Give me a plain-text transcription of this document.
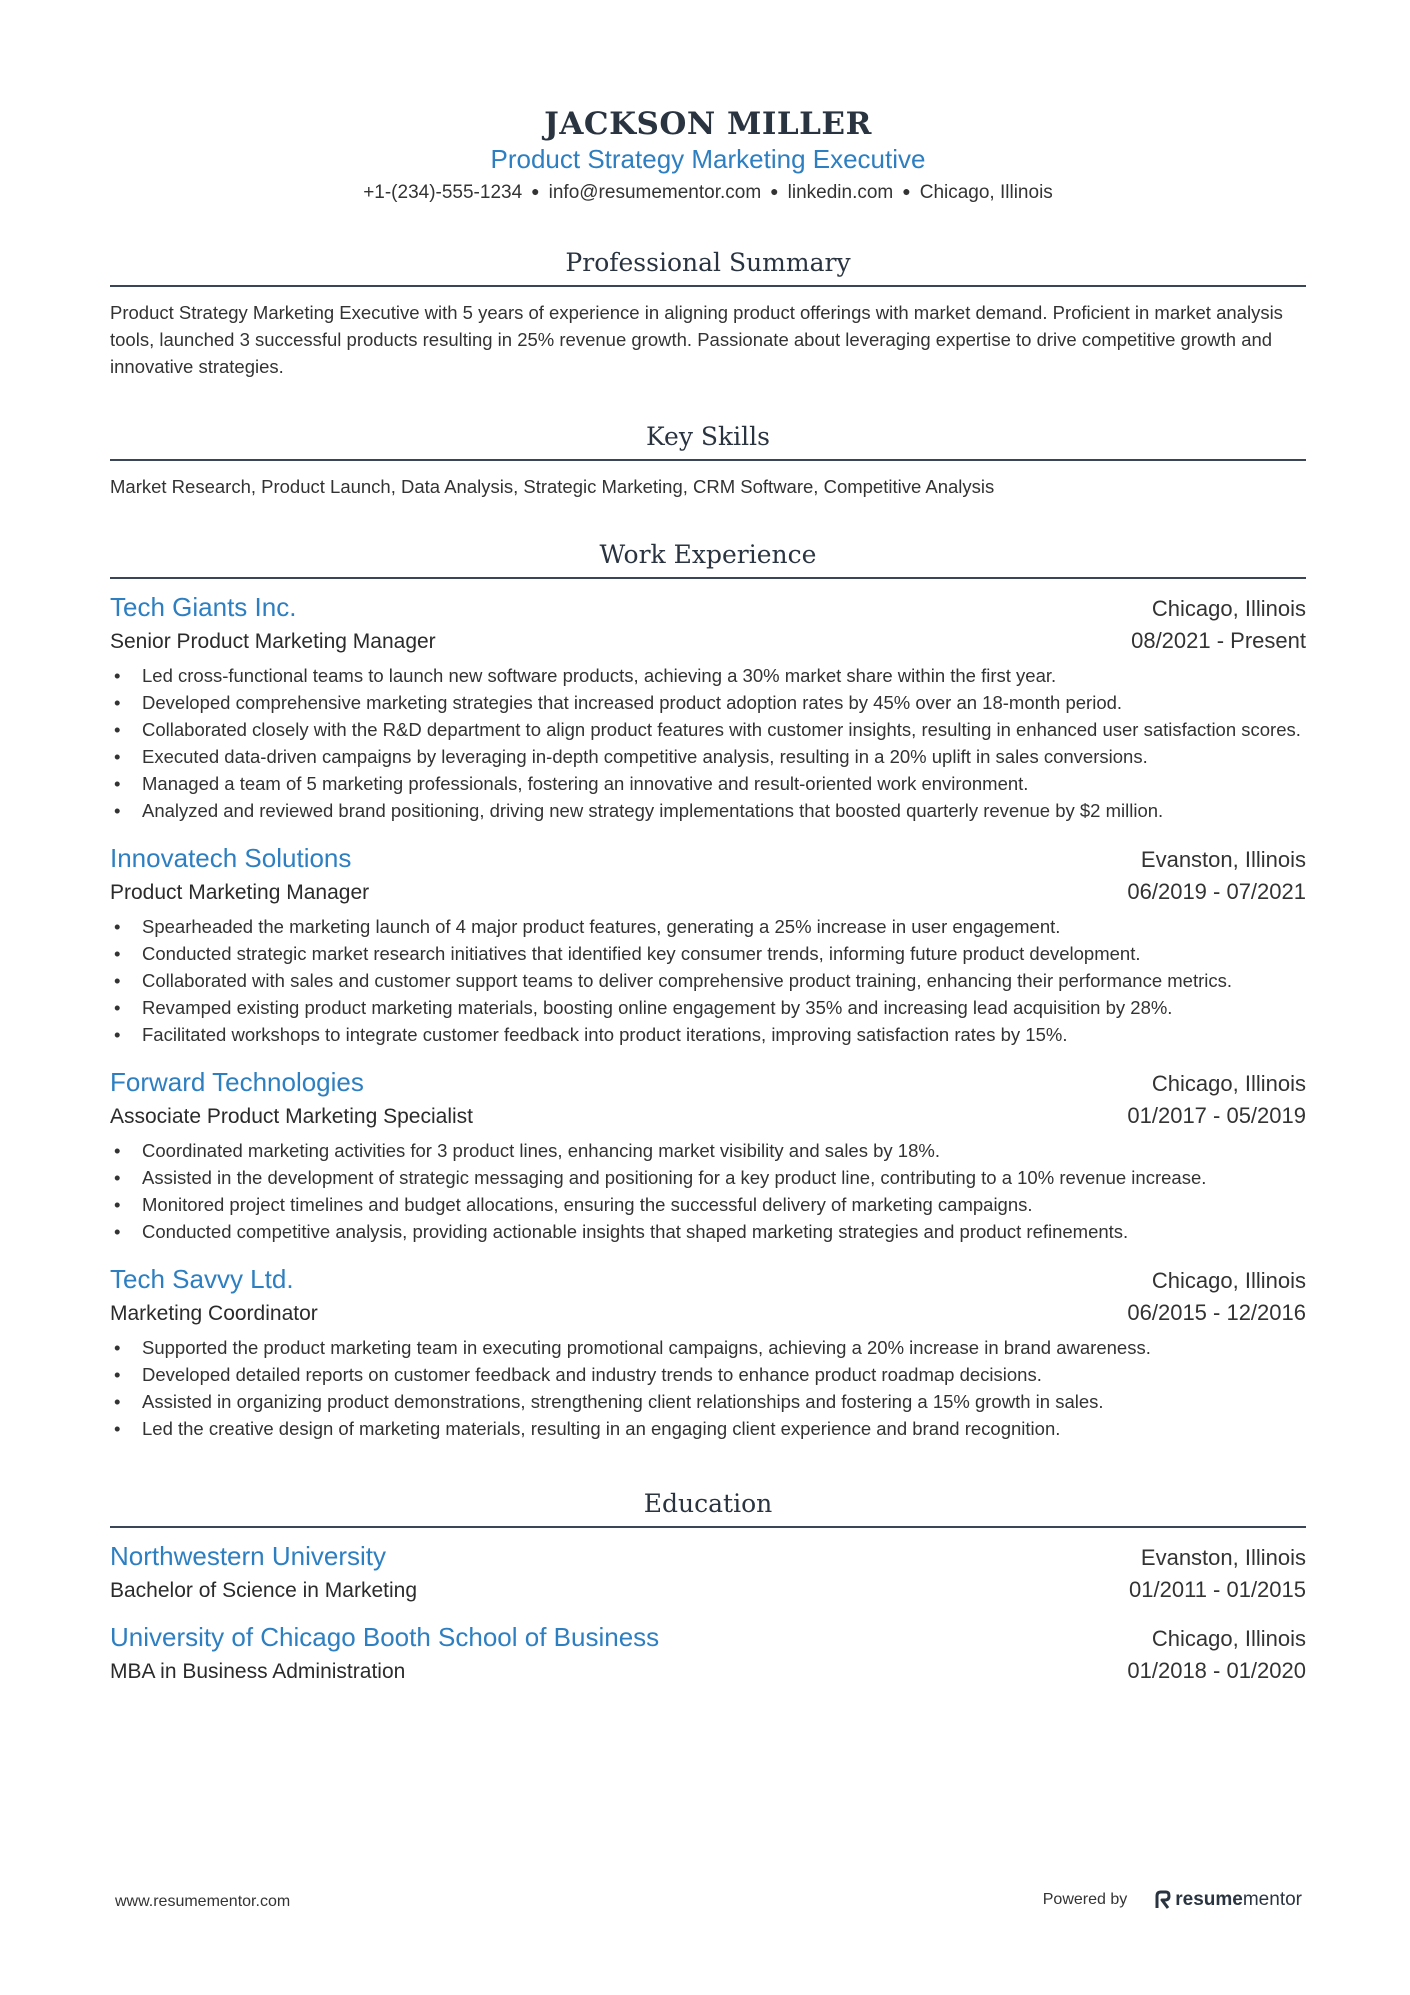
JACKSON MILLER
Product Strategy Marketing Executive
+1-(234)-555-1234 ● info@resumementor.com ● linkedin.com ● Chicago, Illinois
Professional Summary
Product Strategy Marketing Executive with 5 years of experience in aligning product offerings with market demand. Proficient in market analysis tools, launched 3 successful products resulting in 25% revenue growth. Passionate about leveraging expertise to drive competitive growth and innovative strategies.
Key Skills
Market Research, Product Launch, Data Analysis, Strategic Marketing, CRM Software, Competitive Analysis
Work Experience
Tech Giants Inc.	Chicago, Illinois
Senior Product Marketing Manager	08/2021 - Present
• Led cross-functional teams to launch new software products, achieving a 30% market share within the first year.
• Developed comprehensive marketing strategies that increased product adoption rates by 45% over an 18-month period.
• Collaborated closely with the R&D department to align product features with customer insights, resulting in enhanced user satisfaction scores.
• Executed data-driven campaigns by leveraging in-depth competitive analysis, resulting in a 20% uplift in sales conversions.
• Managed a team of 5 marketing professionals, fostering an innovative and result-oriented work environment.
• Analyzed and reviewed brand positioning, driving new strategy implementations that boosted quarterly revenue by $2 million.
Innovatech Solutions	Evanston, Illinois
Product Marketing Manager	06/2019 - 07/2021
• Spearheaded the marketing launch of 4 major product features, generating a 25% increase in user engagement.
• Conducted strategic market research initiatives that identified key consumer trends, informing future product development.
• Collaborated with sales and customer support teams to deliver comprehensive product training, enhancing their performance metrics.
• Revamped existing product marketing materials, boosting online engagement by 35% and increasing lead acquisition by 28%.
• Facilitated workshops to integrate customer feedback into product iterations, improving satisfaction rates by 15%.
Forward Technologies	Chicago, Illinois
Associate Product Marketing Specialist	01/2017 - 05/2019
• Coordinated marketing activities for 3 product lines, enhancing market visibility and sales by 18%.
• Assisted in the development of strategic messaging and positioning for a key product line, contributing to a 10% revenue increase.
• Monitored project timelines and budget allocations, ensuring the successful delivery of marketing campaigns.
• Conducted competitive analysis, providing actionable insights that shaped marketing strategies and product refinements.
Tech Savvy Ltd.	Chicago, Illinois
Marketing Coordinator	06/2015 - 12/2016
• Supported the product marketing team in executing promotional campaigns, achieving a 20% increase in brand awareness.
• Developed detailed reports on customer feedback and industry trends to enhance product roadmap decisions.
• Assisted in organizing product demonstrations, strengthening client relationships and fostering a 15% growth in sales.
• Led the creative design of marketing materials, resulting in an engaging client experience and brand recognition.
Education
Northwestern University	Evanston, Illinois
Bachelor of Science in Marketing	01/2011 - 01/2015
University of Chicago Booth School of Business	Chicago, Illinois
MBA in Business Administration	01/2018 - 01/2020
www.resumementor.com	Powered by	resume mentor
